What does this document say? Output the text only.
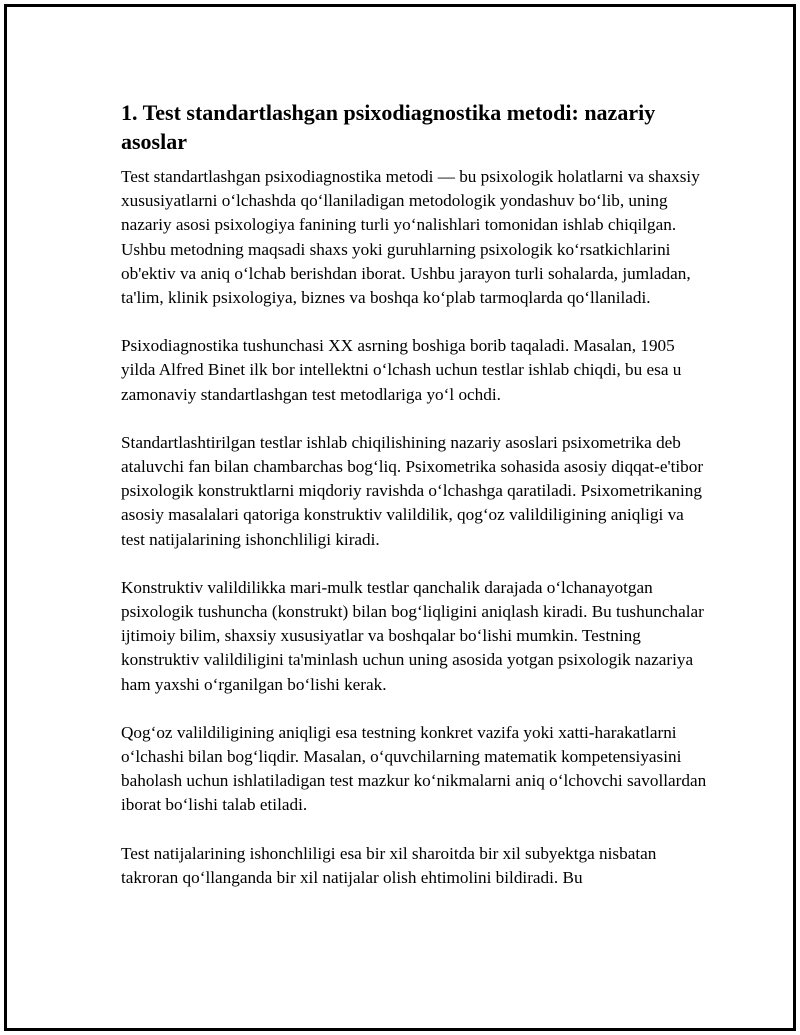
1. Test standartlashgan psixodiagnostika metodi: nazariy asoslar

Test standartlashgan psixodiagnostika metodi — bu psixologik holatlarni va shaxsiy xususiyatlarni o‘lchashda qo‘llaniladigan metodologik yondashuv bo‘lib, uning nazariy asosi psixologiya fanining turli yo‘nalishlari tomonidan ishlab chiqilgan. Ushbu metodning maqsadi shaxs yoki guruhlarning psixologik ko‘rsatkichlarini ob'ektiv va aniq o‘lchab berishdan iborat. Ushbu jarayon turli sohalarda, jumladan, ta'lim, klinik psixologiya, biznes va boshqa ko‘plab tarmoqlarda qo‘llaniladi.

Psixodiagnostika tushunchasi XX asrning boshiga borib taqaladi. Masalan, 1905 yilda Alfred Binet ilk bor intellektni o‘lchash uchun testlar ishlab chiqdi, bu esa u zamonaviy standartlashgan test metodlariga yo‘l ochdi.

Standartlashtirilgan testlar ishlab chiqilishining nazariy asoslari psixometrika deb ataluvchi fan bilan chambarchas bog‘liq. Psixometrika sohasida asosiy diqqat-e'tibor psixologik konstruktlarni miqdoriy ravishda o‘lchashga qaratiladi. Psixometrikaning asosiy masalalari qatoriga konstruktiv valildilik, qog‘oz valildiligining aniqligi va test natijalarining ishonchliligi kiradi.

Konstruktiv valildilikka mari-mulk testlar qanchalik darajada o‘lchanayotgan psixologik tushuncha (konstrukt) bilan bog‘liqligini aniqlash kiradi. Bu tushunchalar ijtimoiy bilim, shaxsiy xususiyatlar va boshqalar bo‘lishi mumkin. Testning konstruktiv valildiligini ta'minlash uchun uning asosida yotgan psixologik nazariya ham yaxshi o‘rganilgan bo‘lishi kerak.

Qog‘oz valildiligining aniqligi esa testning konkret vazifa yoki xatti-harakatlarni o‘lchashi bilan bog‘liqdir. Masalan, o‘quvchilarning matematik kompetensiyasini baholash uchun ishlatiladigan test mazkur ko‘nikmalarni aniq o‘lchovchi savollardan iborat bo‘lishi talab etiladi.

Test natijalarining ishonchliligi esa bir xil sharoitda bir xil subyektga nisbatan takroran qo‘llanganda bir xil natijalar olish ehtimolini bildiradi. Bu
